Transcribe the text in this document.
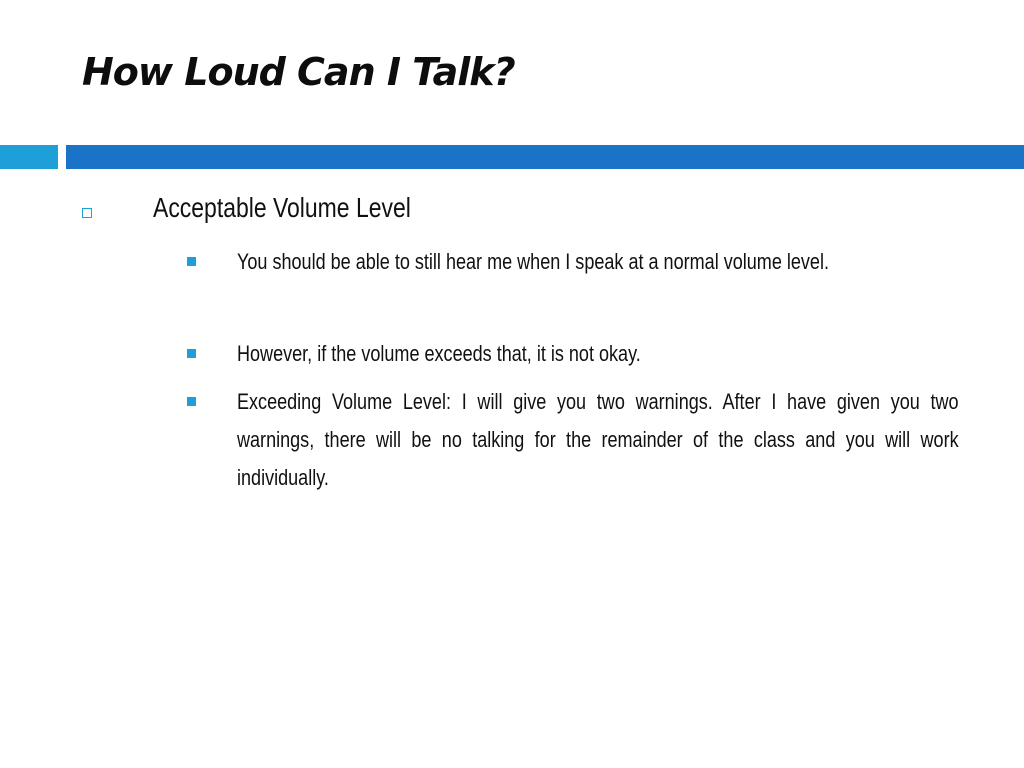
How Loud Can I Talk?
Acceptable Volume Level
You should be able to still hear me when I speak at a normal volume level.
However, if the volume exceeds that, it is not okay.
Exceeding Volume Level: I will give you two warnings. After I have given you two warnings, there will be no talking for the remainder of the class and you will work individually.
